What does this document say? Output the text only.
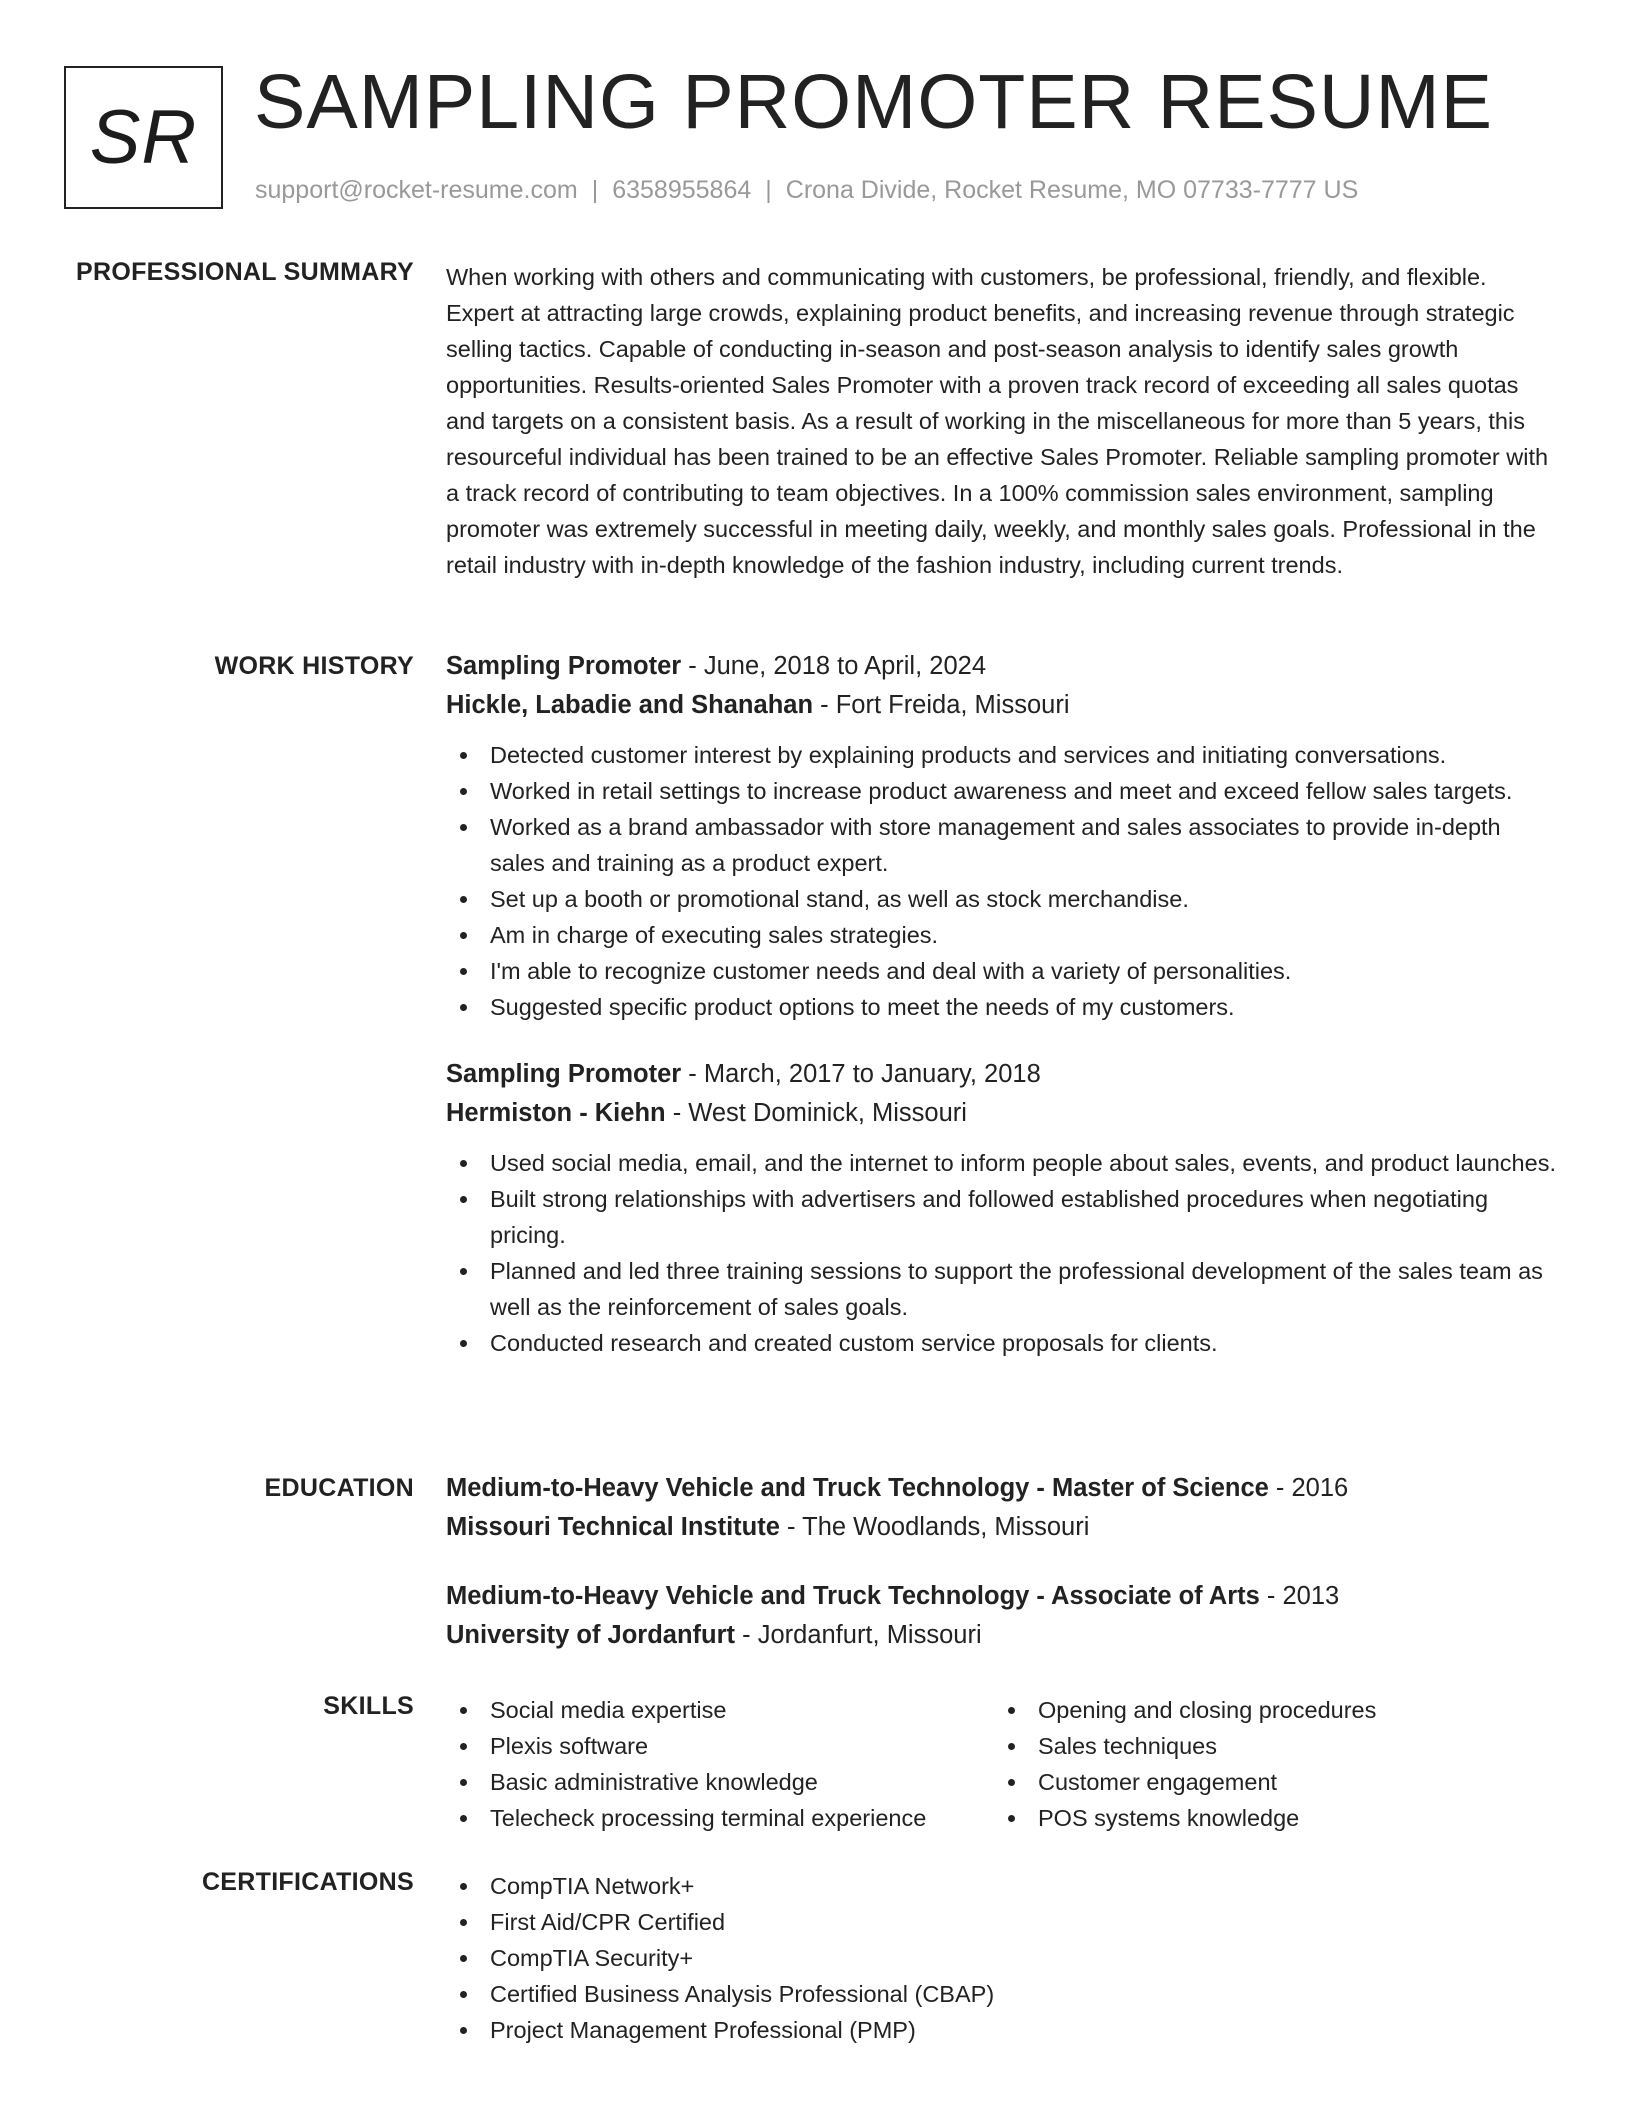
SR SAMPLING PROMOTER RESUME
support@rocket-resume.com | 6358955864 | Crona Divide, Rocket Resume, MO 07733-7777 US
PROFESSIONAL SUMMARY When working with others and communicating with customers, be professional, friendly, and flexible. Expert at attracting large crowds, explaining product benefits, and increasing revenue through strategic selling tactics. Capable of conducting in-season and post-season analysis to identify sales growth opportunities. Results-oriented Sales Promoter with a proven track record of exceeding all sales quotas and targets on a consistent basis. As a result of working in the miscellaneous for more than 5 years, this resourceful individual has been trained to be an effective Sales Promoter. Reliable sampling promoter with a track record of contributing to team objectives. In a 100% commission sales environment, sampling promoter was extremely successful in meeting daily, weekly, and monthly sales goals. Professional in the retail industry with in-depth knowledge of the fashion industry, including current trends.

WORK HISTORY Sampling Promoter - June, 2018 to April, 2024
Hickle, Labadie and Shanahan - Fort Freida, Missouri
Detected customer interest by explaining products and services and initiating conversations.
Worked in retail settings to increase product awareness and meet and exceed fellow sales targets.
Worked as a brand ambassador with store management and sales associates to provide in-depth sales and training as a product expert.
Set up a booth or promotional stand, as well as stock merchandise.
Am in charge of executing sales strategies.
I'm able to recognize customer needs and deal with a variety of personalities.
Suggested specific product options to meet the needs of my customers.
Sampling Promoter - March, 2017 to January, 2018
Hermiston - Kiehn - West Dominick, Missouri
Used social media, email, and the internet to inform people about sales, events, and product launches.
Built strong relationships with advertisers and followed established procedures when negotiating pricing.
Planned and led three training sessions to support the professional development of the sales team as well as the reinforcement of sales goals.
Conducted research and created custom service proposals for clients.
EDUCATION Medium-to-Heavy Vehicle and Truck Technology - Master of Science - 2016
Missouri Technical Institute - The Woodlands, Missouri
Medium-to-Heavy Vehicle and Truck Technology - Associate of Arts - 2013
University of Jordanfurt - Jordanfurt, Missouri
SKILLS	Social media expertise
Plexis software
Basic administrative knowledge
Telecheck processing terminal experience
Opening and closing procedures
Sales techniques
Customer engagement
POS systems knowledge
CERTIFICATIONS	CompTIA Network+
First Aid/CPR Certified
CompTIA Security+
Certified Business Analysis Professional (CBAP)
Project Management Professional (PMP)
